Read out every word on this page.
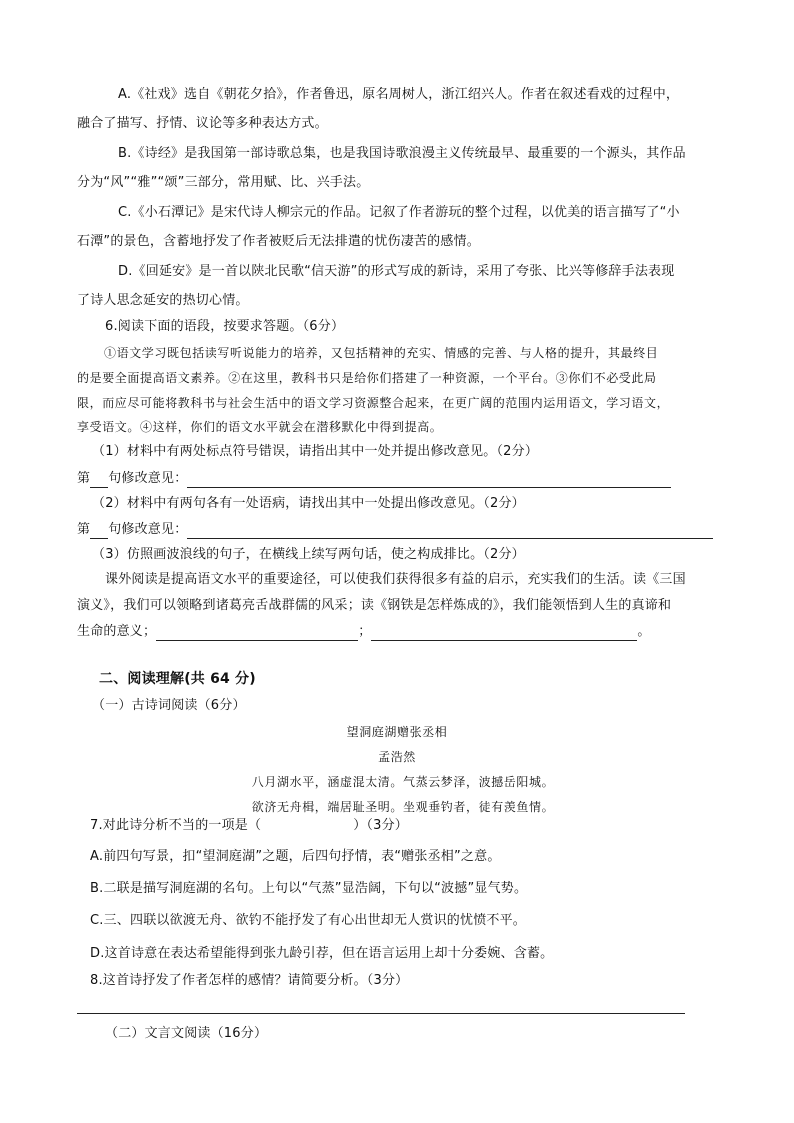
A.《社戏》选自《朝花夕拾》，作者鲁迅，原名周树人，浙江绍兴人。作者在叙述看戏的过程中，
融合了描写、抒情、议论等多种表达方式。
B.《诗经》是我国第一部诗歌总集，也是我国诗歌浪漫主义传统最早、最重要的一个源头，其作品
分为“风”“雅”“颂”三部分，常用赋、比、兴手法。
C.《小石潭记》是宋代诗人柳宗元的作品。记叙了作者游玩的整个过程，以优美的语言描写了“小
石潭”的景色，含蓄地抒发了作者被贬后无法排遣的忧伤凄苦的感情。
D.《回延安》是一首以陕北民歌“信天游”的形式写成的新诗，采用了夸张、比兴等修辞手法表现
了诗人思念延安的热切心情。
6.阅读下面的语段，按要求答题。（6分）
①语文学习既包括读写听说能力的培养，又包括精神的充实、情感的完善、与人格的提升，其最终目
的是要全面提高语文素养。②在这里，教科书只是给你们搭建了一种资源，一个平台。③你们不必受此局
限，而应尽可能将教科书与社会生活中的语文学习资源整合起来，在更广阔的范围内运用语文，学习语文，
享受语文。④这样，你们的语文水平就会在潜移默化中得到提高。
（1）材料中有两处标点符号错误，请指出其中一处并提出修改意见。（2分）
第 句修改意见：
（2）材料中有两句各有一处语病，请找出其中一处提出修改意见。（2分）
第 句修改意见：
（3）仿照画波浪线的句子，在横线上续写两句话，使之构成排比。（2分）
课外阅读是提高语文水平的重要途径，可以使我们获得很多有益的启示，充实我们的生活。读《三国
演义》，我们可以领略到诸葛亮舌战群儒的风采；读《钢铁是怎样炼成的》，我们能领悟到人生的真谛和
生命的意义；	；	。
二、阅读理解(共 64 分)
（一）古诗词阅读（6分）
望洞庭湖赠张丞相
孟浩然
八月湖水平，涵虚混太清。气蒸云梦泽，波撼岳阳城。
欲济无舟楫，端居耻圣明。坐观垂钓者，徒有羡鱼情。
7.对此诗分析不当的一项是（	）（3分）
A.前四句写景，扣“望洞庭湖”之题，后四句抒情，表“赠张丞相”之意。
B.二联是描写洞庭湖的名句。上句以“气蒸”显浩阔，下句以“波撼”显气势。
C.三、四联以欲渡无舟、欲钓不能抒发了有心出世却无人赏识的忧愤不平。
D.这首诗意在表达希望能得到张九龄引荐，但在语言运用上却十分委婉、含蓄。
8.这首诗抒发了作者怎样的感情？请简要分析。（3分）
（二）文言文阅读（16分）
